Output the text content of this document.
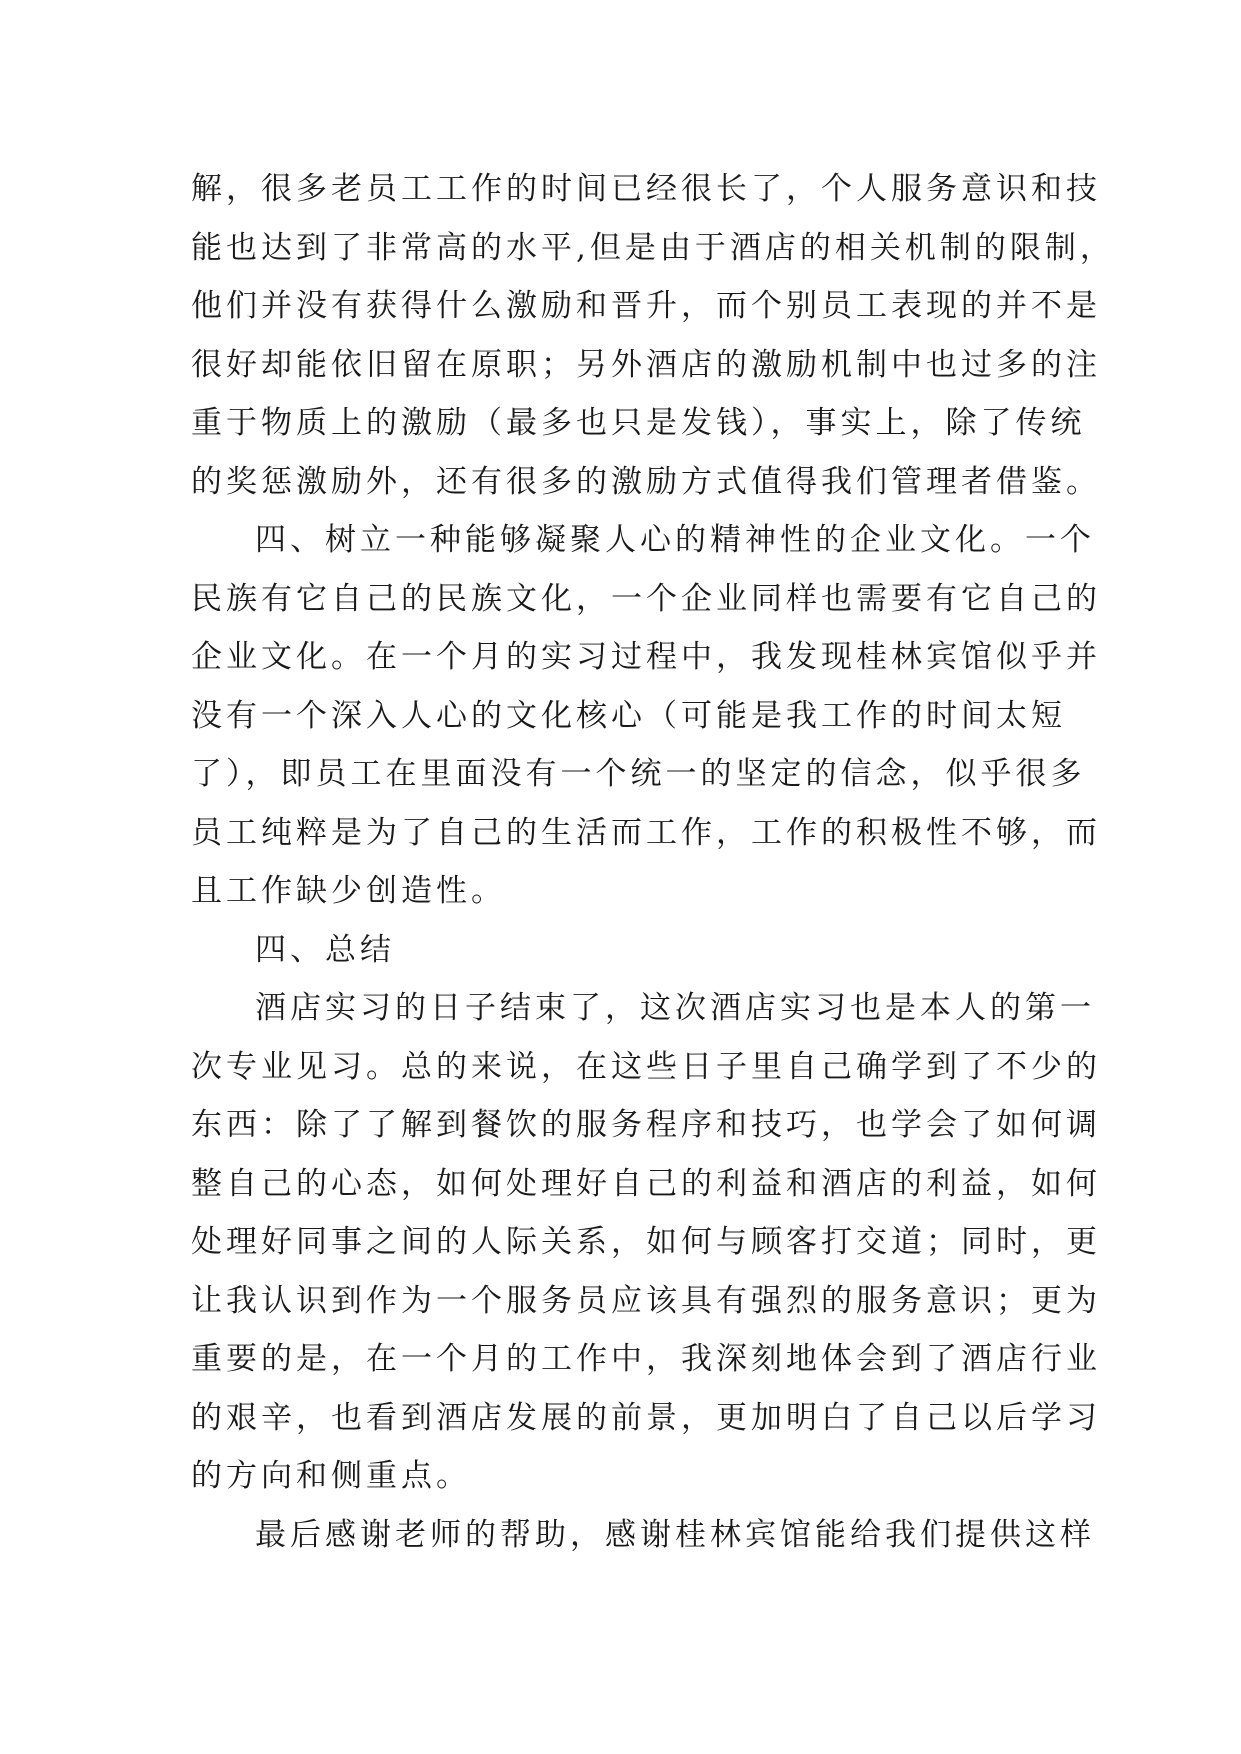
解，很多老员工工作的时间已经很长了，个人服务意识和技
能也达到了非常高的水平,但是由于酒店的相关机制的限制，
他们并没有获得什么激励和晋升，而个别员工表现的并不是
很好却能依旧留在原职；另外酒店的激励机制中也过多的注
重于物质上的激励（最多也只是发钱），事实上，除了传统
的奖惩激励外，还有很多的激励方式值得我们管理者借鉴。
四、树立一种能够凝聚人心的精神性的企业文化。一个
民族有它自己的民族文化，一个企业同样也需要有它自己的
企业文化。在一个月的实习过程中，我发现桂林宾馆似乎并
没有一个深入人心的文化核心（可能是我工作的时间太短
了），即员工在里面没有一个统一的坚定的信念，似乎很多
员工纯粹是为了自己的生活而工作，工作的积极性不够，而
且工作缺少创造性。
四、总结
酒店实习的日子结束了，这次酒店实习也是本人的第一
次专业见习。总的来说，在这些日子里自己确学到了不少的
东西：除了了解到餐饮的服务程序和技巧，也学会了如何调
整自己的心态，如何处理好自己的利益和酒店的利益，如何
处理好同事之间的人际关系，如何与顾客打交道；同时，更
让我认识到作为一个服务员应该具有强烈的服务意识；更为
重要的是，在一个月的工作中，我深刻地体会到了酒店行业
的艰辛，也看到酒店发展的前景，更加明白了自己以后学习
的方向和侧重点。
最后感谢老师的帮助，感谢桂林宾馆能给我们提供这样
